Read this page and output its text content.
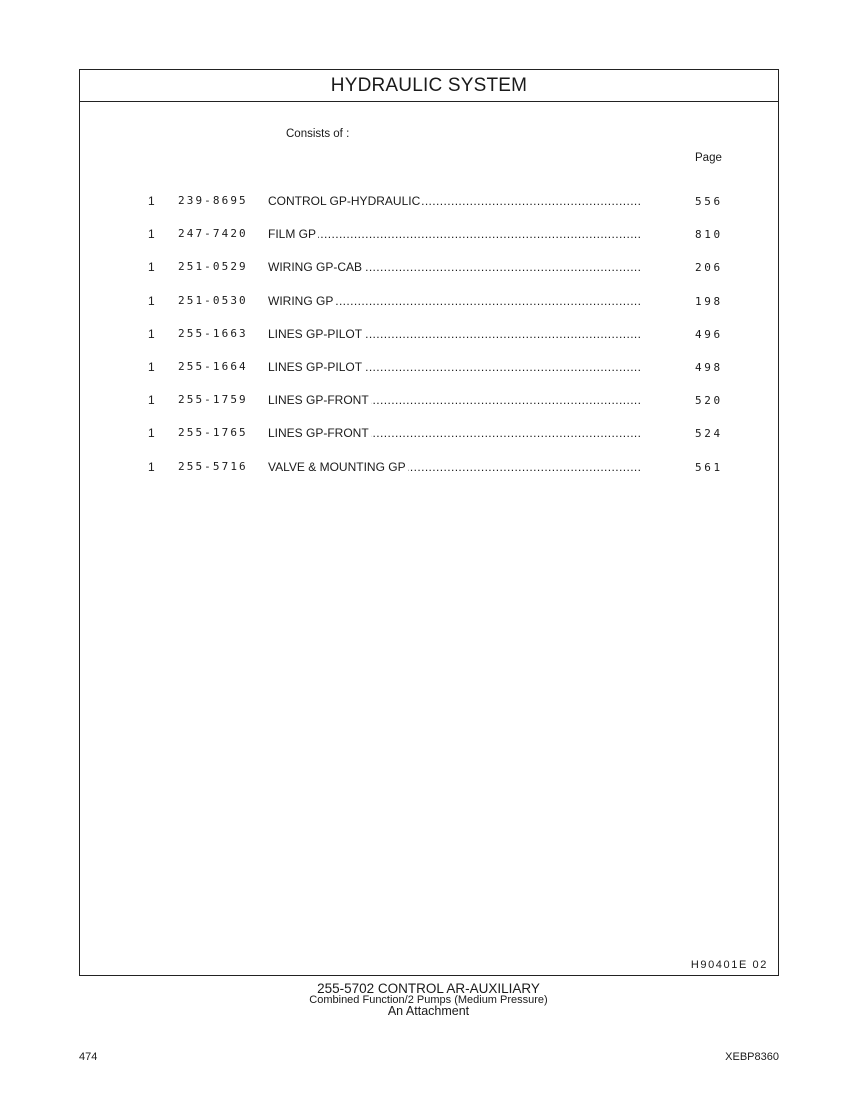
HYDRAULIC SYSTEM
Consists of :
Page
1 239-8695 CONTROL GP-HYDRAULIC .....	556
1 247-7420 FILM GP .....	810
1 251-0529 WIRING GP-CAB .....	206
1 251-0530 WIRING GP .....	198
1 255-1663 LINES GP-PILOT .....	496
1 255-1664 LINES GP-PILOT .....	498
1 255-1759 LINES GP-FRONT .....	520
1 255-1765 LINES GP-FRONT .....	524
1 255-5716 VALVE & MOUNTING GP .....	561
H90401E 02
255-5702 CONTROL AR-AUXILIARY
Combined Function/2 Pumps (Medium Pressure)
An Attachment
474	XEBP8360
